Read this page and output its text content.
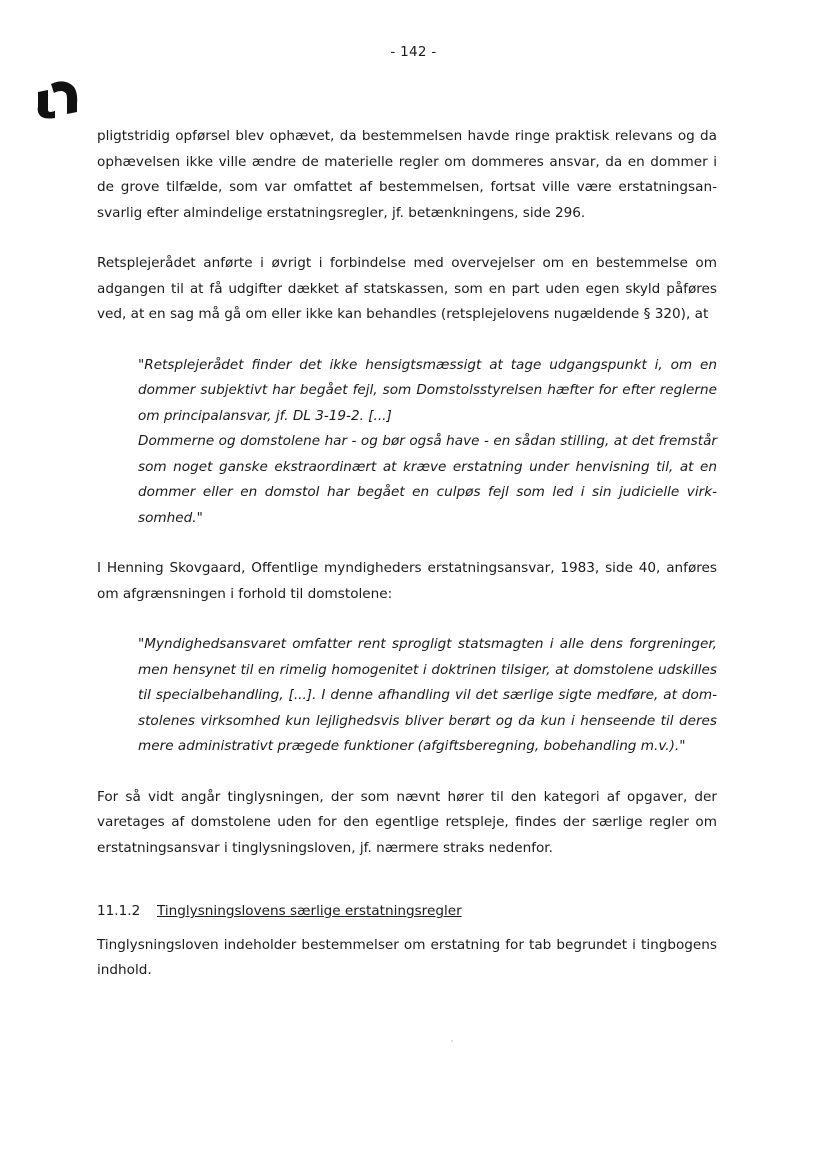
- 142 -

pligtstridig opførsel blev ophævet, da bestemmelsen havde ringe praktisk relevans og da ophævelsen ikke ville ændre de materielle regler om dommeres ansvar, da en dommer i de grove tilfælde, som var omfattet af bestemmelsen, fortsat ville være erstatningsansvarlig efter almindelige erstatningsregler, jf. betænkningens, side 296.

Retsplejerådet anførte i øvrigt i forbindelse med overvejelser om en bestemmelse om adgangen til at få udgifter dækket af statskassen, som en part uden egen skyld påføres ved, at en sag må gå om eller ikke kan behandles (retsplejelovens nugældende § 320), at

"Retsplejerådet finder det ikke hensigtsmæssigt at tage udgangspunkt i, om en dommer subjektivt har begået fejl, som Domstolsstyrelsen hæfter for efter reglerne om principalansvar, jf. DL 3-19-2. [...]
Dommerne og domstolene har - og bør også have - en sådan stilling, at det fremstår som noget ganske ekstraordinært at kræve erstatning under henvisning til, at en dommer eller en domstol har begået en culpøs fejl som led i sin judicielle virksomhed."

I Henning Skovgaard, Offentlige myndigheders erstatningsansvar, 1983, side 40, anføres om afgrænsningen i forhold til domstolene:

"Myndighedsansvaret omfatter rent sprogligt statsmagten i alle dens forgreninger, men hensynet til en rimelig homogenitet i doktrinen tilsiger, at domstolene udskilles til specialbehandling, [...]. I denne afhandling vil det særlige sigte medføre, at domstolenes virksomhed kun lejlighedsvis bliver berørt og da kun i henseende til deres mere administrativt prægede funktioner (afgiftsberegning, bobehandling m.v.)."

For så vidt angår tinglysningen, der som nævnt hører til den kategori af opgaver, der varetages af domstolene uden for den egentlige retspleje, findes der særlige regler om erstatningsansvar i tinglysningsloven, jf. nærmere straks nedenfor.

11.1.2 Tinglysningslovens særlige erstatningsregler

Tinglysningsloven indeholder bestemmelser om erstatning for tab begrundet i tingbogens indhold.
